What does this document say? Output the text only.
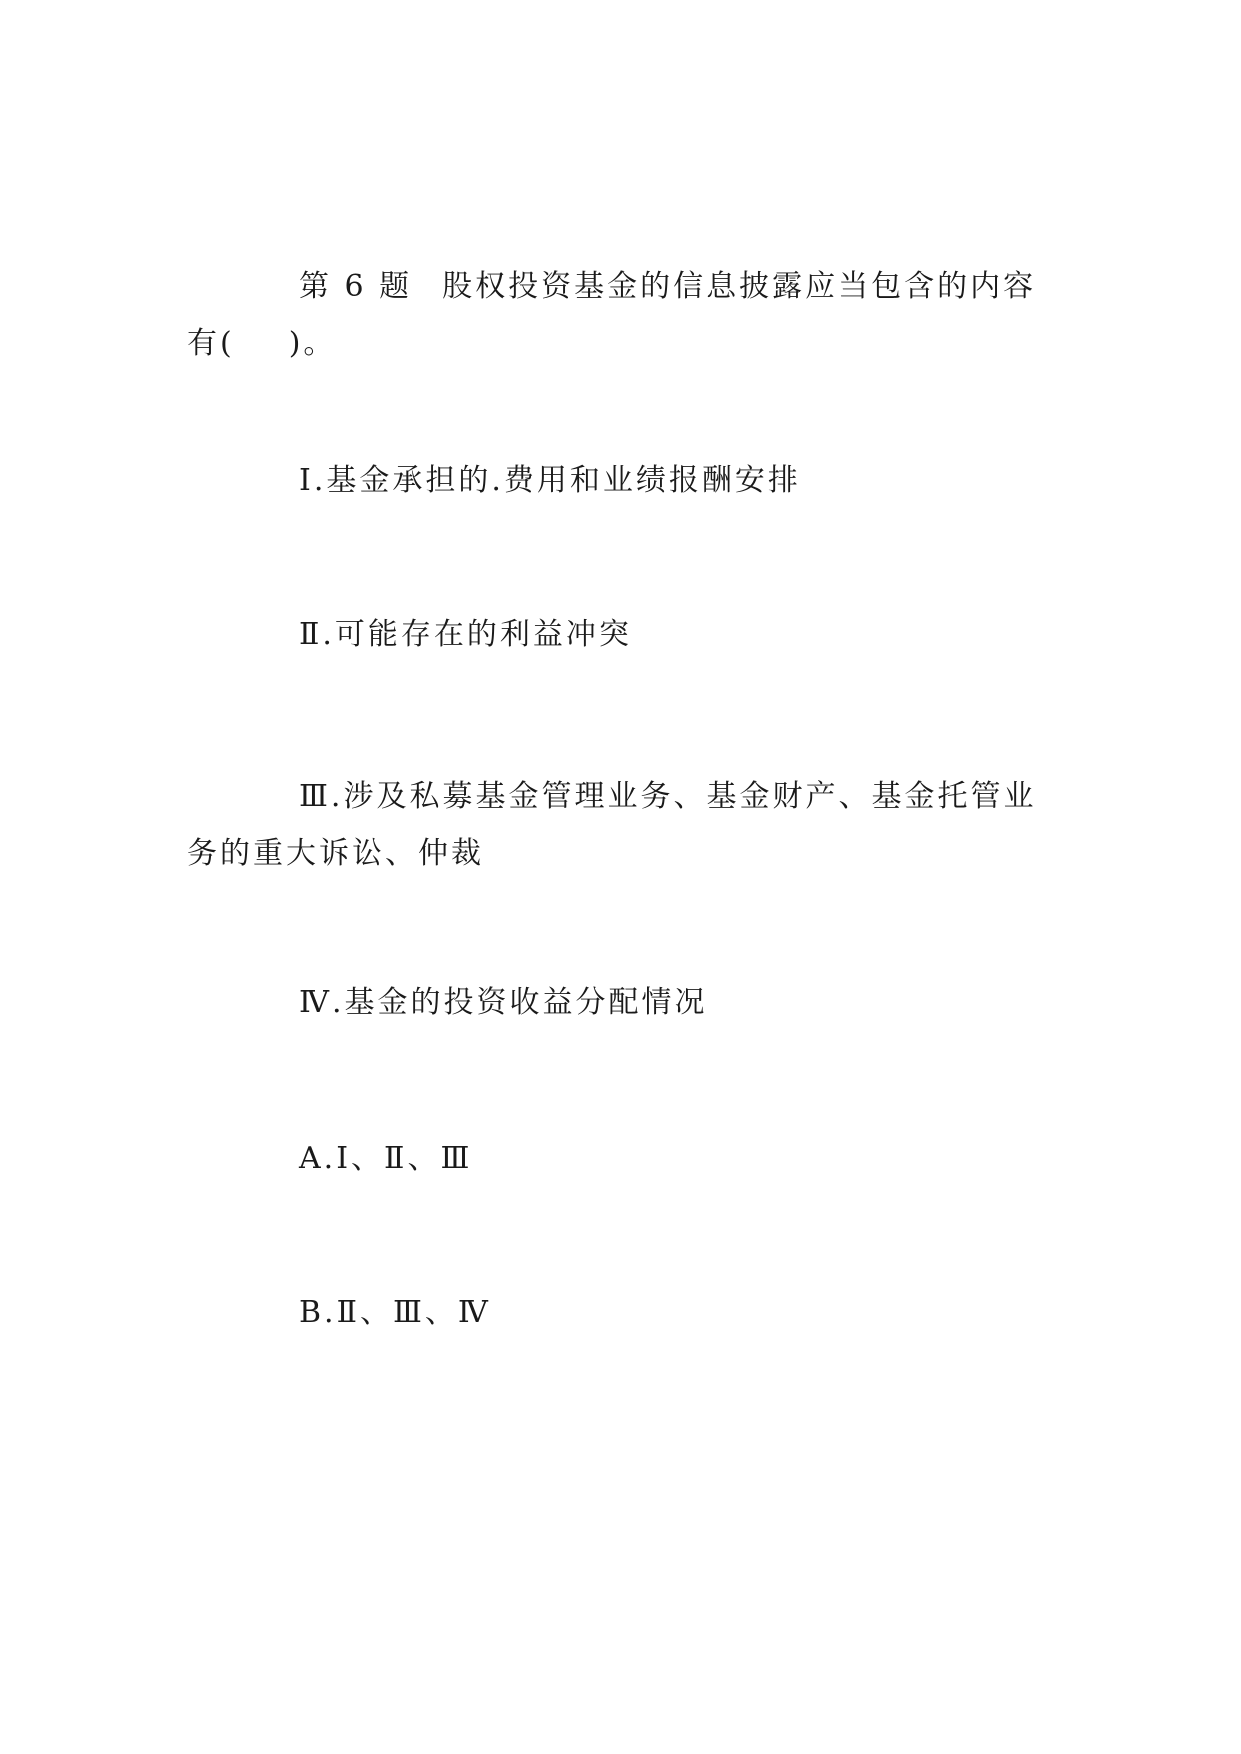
第 6 题 股权投资基金的信息披露应当包含的内容有( )。

Ⅰ.基金承担的.费用和业绩报酬安排

Ⅱ.可能存在的利益冲突

Ⅲ.涉及私募基金管理业务、基金财产、基金托管业务的重大诉讼、仲裁

Ⅳ.基金的投资收益分配情况

A.Ⅰ、Ⅱ、Ⅲ

B.Ⅱ、Ⅲ、Ⅳ
